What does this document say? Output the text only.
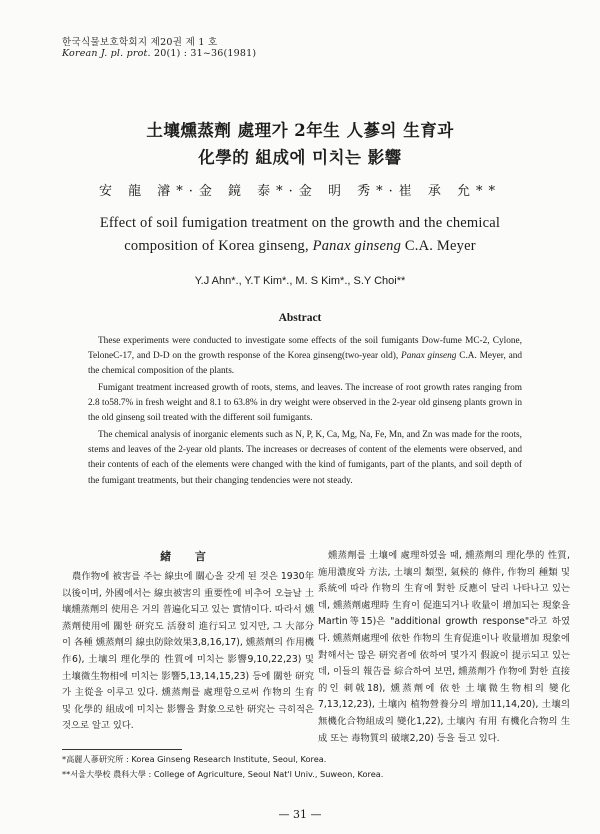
한국식물보호학회지 제20권 제 1 호
Korean J. pl. prot. 20(1) : 31~36(1981)
土壤燻蒸劑 處理가 2年生 人蔘의 生育과
化學的 組成에 미치는 影響
安 龍 濬*·金 鏡 泰*·金 明 秀*·崔 承 允**
Effect of soil fumigation treatment on the growth and the chemical
composition of Korea ginseng, Panax ginseng C.A. Meyer
Y.J Ahn*., Y.T Kim*., M. S Kim*., S.Y Choi**
Abstract

These experiments were conducted to investigate some effects of the soil fumigants Dow-fume MC-2, Cylone, TeloneC-17, and D-D on the growth response of the Korea ginseng(two-year old), Panax ginseng C.A. Meyer, and the chemical composition of the plants.

Fumigant treatment increased growth of roots, stems, and leaves. The increase of root growth rates ranging from 2.8 to58.7% in fresh weight and 8.1 to 63.8% in dry weight were observed in the 2-year old ginseng plants grown in the old ginseng soil treated with the different soil fumigants.

The chemical analysis of inorganic elements such as N, P, K, Ca, Mg, Na, Fe, Mn, and Zn was made for the roots, stems and leaves of the 2-year old plants. The increases or decreases of content of the elements were observed, and their contents of each of the elements were changed with the kind of fumigants, part of the plants, and soil depth of the fumigant treatments, but their changing tendencies were not steady.

緒 言

農作物에 被害를 주는 線虫에 關心을 갖게 된 것은 1930年 以後이며, 外國에서는 線虫被害의 重要性에 비추어 오늘날 土壤燻蒸劑의 使用은 거의 普遍化되고 있는 實情이다. 따라서 燻蒸劑使用에 關한 研究도 活發히 進行되고 있지만, 그 大部分이 各種 燻蒸劑의 線虫防除效果3,8,16,17), 燻蒸劑의 作用機作6), 土壤의 理化學的 性質에 미치는 影響9,10,22,23) 및 土壤微生物相에 미치는 影響5,13,14,15,23) 등에 關한 研究가 主從을 이루고 있다. 燻蒸劑를 處理함으로써 作物의 生育 및 化學的 組成에 미치는 影響을 對象으로한 研究는 극히적은 것으로 알고 있다.

燻蒸劑를 土壤에 處理하였을 때, 燻蒸劑의 理化學的 性質, 施用濃度와 方法, 土壤의 類型, 氣候的 條件, 作物의 種類 및 系統에 따라 作物의 生育에 對한 反應이 달리 나타나고 있는데, 燻蒸劑處理時 生育이 促進되거나 收量이 增加되는 現象을 Martin等15)은 "additional growth response"라고 하였다. 燻蒸劑處理에 依한 作物의 生育促進이나 收量增加 現象에 對해서는 많은 研究者에 依하여 몇가지 假說이 提示되고 있는데, 이들의 報告를 綜合하여 보면, 燻蒸劑가 作物에 對한 直接的인 刺戟18), 燻蒸劑에 依한 土壤微生物相의 變化7,13,12,23), 土壤內 植物營養分의 增加11,14,20), 土壤의 無機化合物組成의 變化1,22), 土壤內 有用 有機化合物의 生成 또는 毒物質의 破壞2,20) 등을 들고 있다.

*高麗人蔘研究所 : Korea Ginseng Research Institute, Seoul, Korea.
**서울大學校 農科大學 : College of Agriculture, Seoul Nat'l Univ., Suweon, Korea.
— 31 —
